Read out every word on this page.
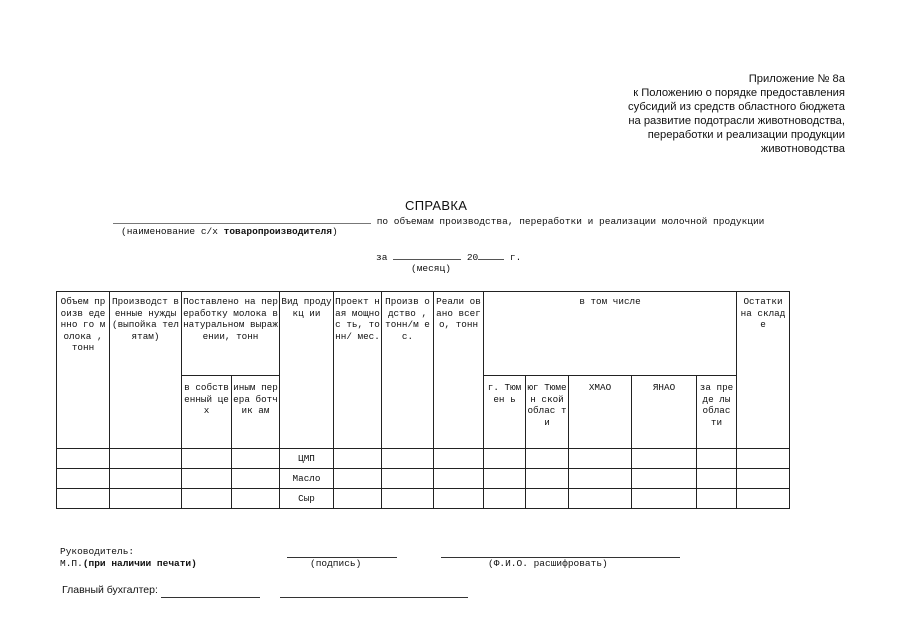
Приложение № 8а
к Положению о порядке предоставления
субсидий из средств областного бюджета
на развитие подотрасли животноводства,
переработки и реализации продукции
животноводства
СПРАВКА
по объемам производства, переработки и реализации молочной продукции
(наименование с/х товаропроизводителя)
за	20	г.
(месяц)
Объем произв еденно го молока , тонн	Производст венные нужды (выпойка телятам)	Поставлено на переработку молока в натуральном выражении, тонн		Вид продукц ии	Проект ная мощнос ть, тонн/ мес.	Произв одство , тонн/м ес.	Реали овано всего, тонн	в том числе					Остатки на складе
		в собств енный цех	иным перера ботчик ам					г. Тюмен ь	юг Тюмен ской облас ти	ХМАО	ЯНАО	за преде лы облас ти	
				ЦМП									
				Масло									
				Сыр									
Руководитель:
М.П.(при наличии печати)	(подпись)	(Ф.И.О. расшифровать)
Главный бухгалтер:
